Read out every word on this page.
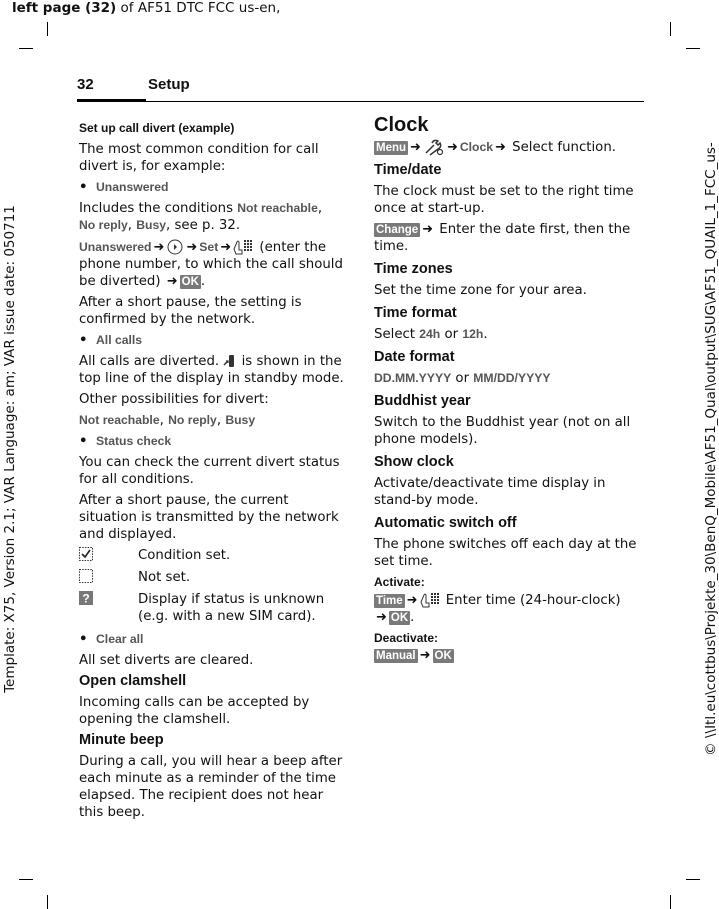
left page (32) of AF51 DTC FCC us-en,
Template: X75, Version 2.1; VAR Language: am; VAR issue date: 050711	© \\Itl.eu\cottbus\Projekte_30\BenQ_Mobile\AF51_Qual\output\SUG\AF51_QUAIL_1_FCC_us-
32	Setup

Set up call divert (example)

The most common condition for call divert is, for example:

• Unanswered

Includes the conditions Not reachable,
No reply, Busy, see p. 32.

Unanswered ➜ ➜ Set ➜
(enter the phone number, to which the call should be diverted) ➜ OK .

After a short pause, the setting is confirmed by the network.

• All calls

All calls are diverted.
is shown in the top line of the display in standby mode.

Other possibilities for divert:

Not reachable, No reply, Busy

• Status check

You can check the current divert status for all conditions.

After a short pause, the current situation is transmitted by the network and displayed.

Condition set.
Not set.
?	Display if status is unknown (e.g. with a new SIM card).
• Clear all

All set diverts are cleared.

Open clamshell

Incoming calls can be accepted by opening the clamshell.

Minute beep

During a call, you will hear a beep after each minute as a reminder of the time elapsed. The recipient does not hear this beep.

Clock

Menu ➜ ➜ Clock ➜ Select function.

Time/date

The clock must be set to the right time once at start-up.

Change ➜ Enter the date first, then the time.

Time zones

Set the time zone for your area.

Time format

Select 24h or 12h.

Date format

DD.MM.YYYY or MM/DD/YYYY

Buddhist year

Switch to the Buddhist year (not on all phone models).

Show clock

Activate/deactivate time display in stand-by mode.

Automatic switch off

The phone switches off each day at the set time.

Activate:

Time ➜
Enter time (24-hour-clock)
➜ OK .

Deactivate:

Manual ➜ OK
